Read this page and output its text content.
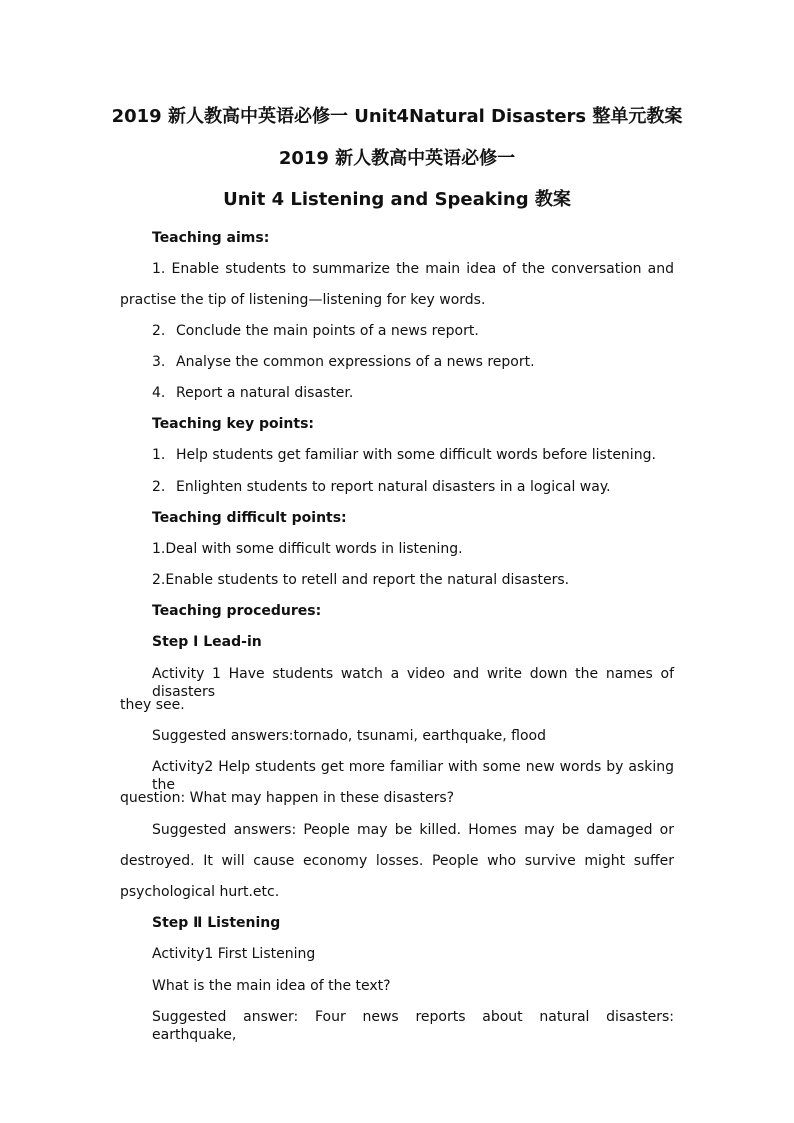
2019 新人教高中英语必修一 Unit4Natural Disasters 整单元教案
2019 新人教高中英语必修一
Unit 4 Listening and Speaking 教案
Teaching aims:
1. Enable students to summarize the main idea of the conversation and
practise the tip of listening—listening for key words.
2. Conclude the main points of a news report.
3. Analyse the common expressions of a news report.
4. Report a natural disaster.
Teaching key points:
1. Help students get familiar with some difficult words before listening.
2. Enlighten students to report natural disasters in a logical way.
Teaching difficult points:
1.Deal with some difficult words in listening.
2.Enable students to retell and report the natural disasters.
Teaching procedures:
Step Ⅰ Lead-in
Activity 1 Have students watch a video and write down the names of disasters
they see.
Suggested answers:tornado, tsunami, earthquake, flood
Activity2 Help students get more familiar with some new words by asking the
question: What may happen in these disasters?
Suggested answers: People may be killed. Homes may be damaged or
destroyed. It will cause economy losses. People who survive might suffer
psychological hurt.etc.
Step Ⅱ Listening
Activity1 First Listening
What is the main idea of the text?
Suggested answer: Four news reports about natural disasters: earthquake,
